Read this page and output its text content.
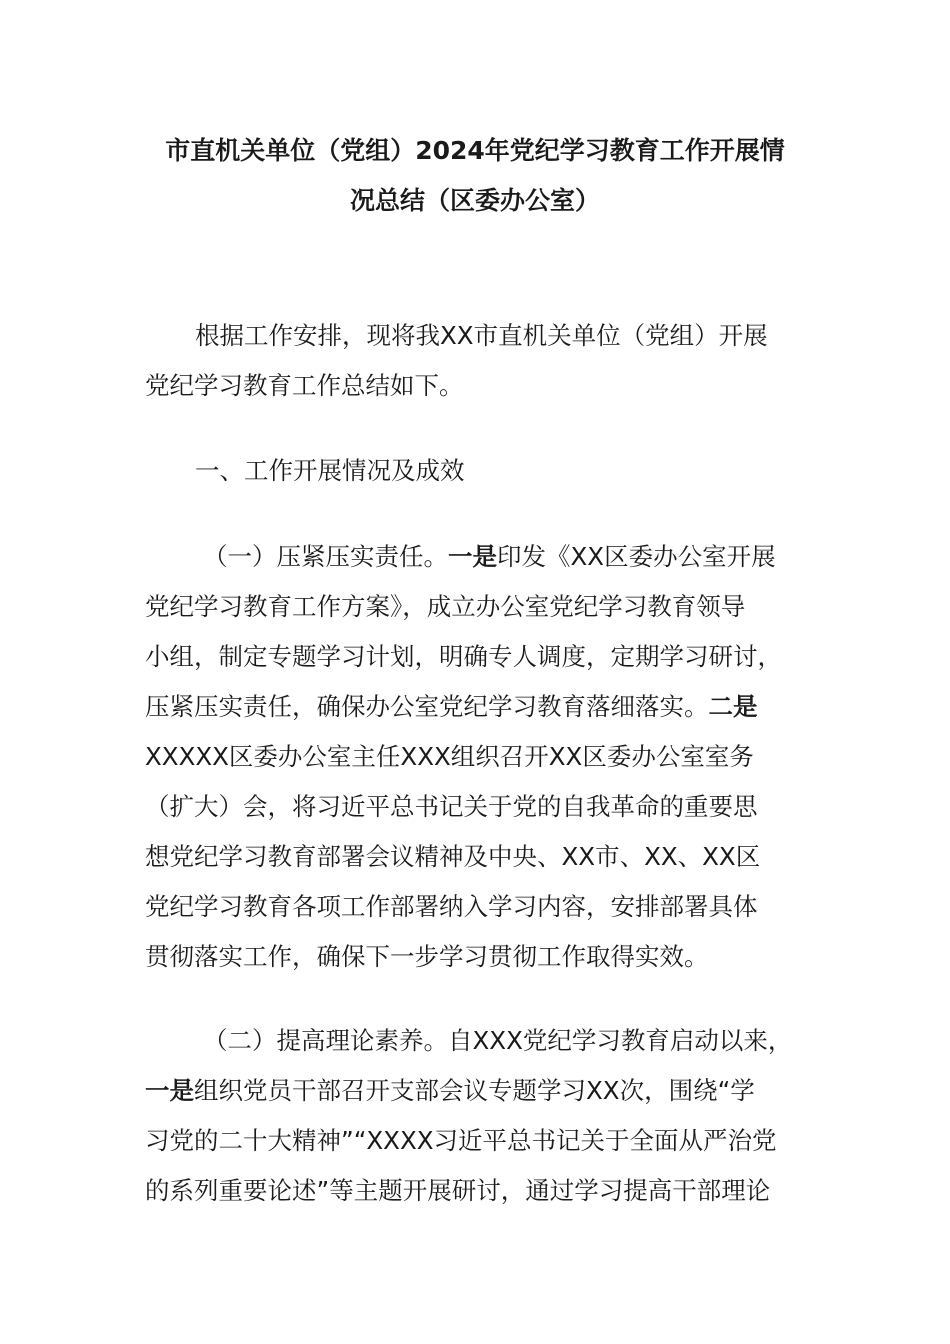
市直机关单位（党组）2024年党纪学习教育工作开展情
况总结（区委办公室）

根据工作安排，现将我XX市直机关单位（党组）开展
党纪学习教育工作总结如下。

一、工作开展情况及成效

（一）压紧压实责任。一是印发《XX区委办公室开展
党纪学习教育工作方案》，成立办公室党纪学习教育领导
小组，制定专题学习计划，明确专人调度，定期学习研讨，
压紧压实责任，确保办公室党纪学习教育落细落实。二是
XXXXX区委办公室主任XXX组织召开XX区委办公室室务
（扩大）会，将习近平总书记关于党的自我革命的重要思
想党纪学习教育部署会议精神及中央、XX市、XX、XX区
党纪学习教育各项工作部署纳入学习内容，安排部署具体
贯彻落实工作，确保下一步学习贯彻工作取得实效。

（二）提高理论素养。自XXX党纪学习教育启动以来，
一是组织党员干部召开支部会议专题学习XX次，围绕“学
习党的二十大精神”“XXXX习近平总书记关于全面从严治党
的系列重要论述”等主题开展研讨，通过学习提高干部理论
